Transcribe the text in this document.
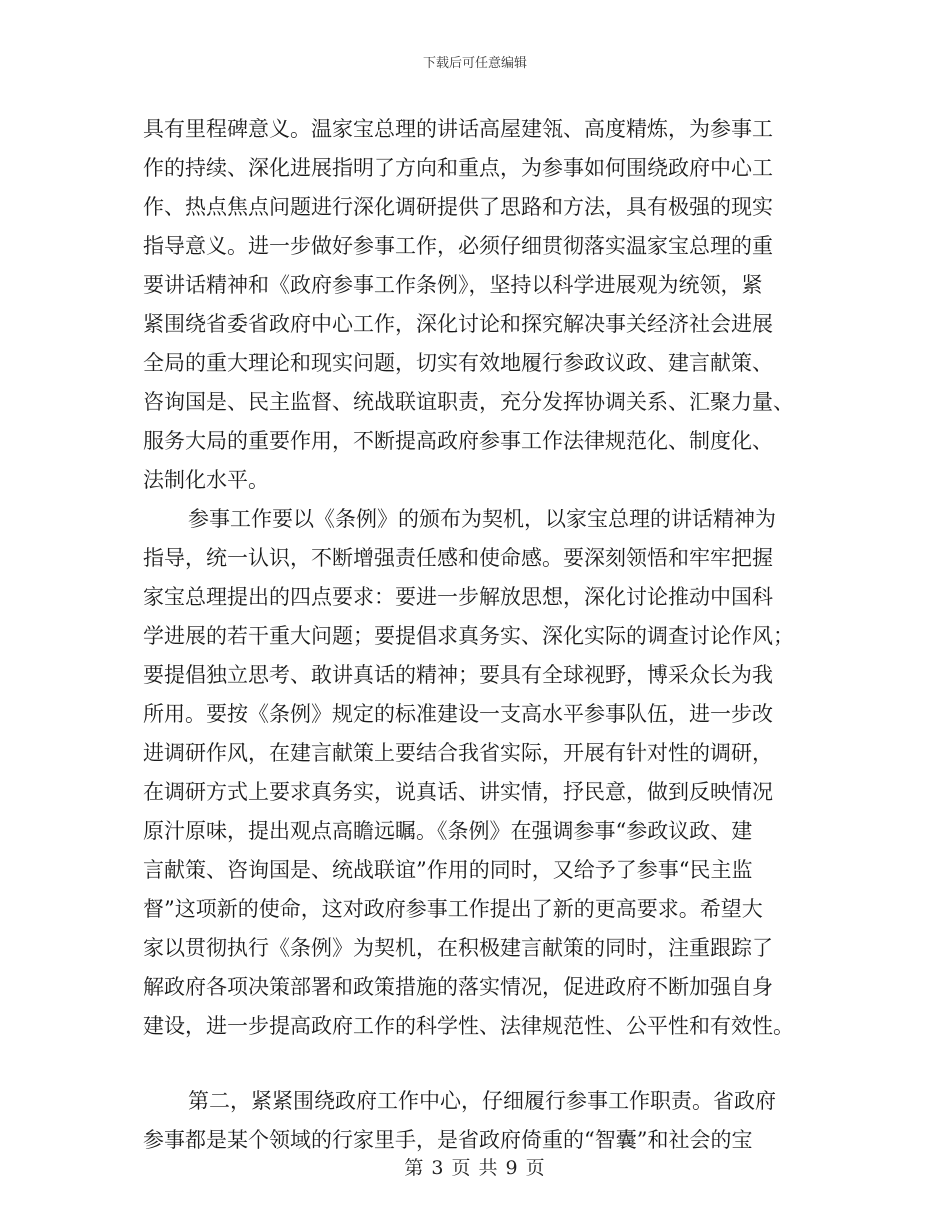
下载后可任意编辑
具有里程碑意义。温家宝总理的讲话高屋建瓴、高度精炼，为参事工
作的持续、深化进展指明了方向和重点，为参事如何围绕政府中心工
作、热点焦点问题进行深化调研提供了思路和方法，具有极强的现实
指导意义。进一步做好参事工作，必须仔细贯彻落实温家宝总理的重
要讲话精神和《政府参事工作条例》，坚持以科学进展观为统领，紧
紧围绕省委省政府中心工作，深化讨论和探究解决事关经济社会进展
全局的重大理论和现实问题，切实有效地履行参政议政、建言献策、
咨询国是、民主监督、统战联谊职责，充分发挥协调关系、汇聚力量、
服务大局的重要作用，不断提高政府参事工作法律规范化、制度化、
法制化水平。
参事工作要以《条例》的颁布为契机，以家宝总理的讲话精神为
指导，统一认识，不断增强责任感和使命感。要深刻领悟和牢牢把握
家宝总理提出的四点要求：要进一步解放思想，深化讨论推动中国科
学进展的若干重大问题；要提倡求真务实、深化实际的调查讨论作风；
要提倡独立思考、敢讲真话的精神；要具有全球视野，博采众长为我
所用。要按《条例》规定的标准建设一支高水平参事队伍，进一步改
进调研作风，在建言献策上要结合我省实际，开展有针对性的调研，
在调研方式上要求真务实，说真话、讲实情，抒民意，做到反映情况
原汁原味，提出观点高瞻远瞩。《条例》在强调参事“参政议政、建
言献策、咨询国是、统战联谊”作用的同时，又给予了参事“民主监
督”这项新的使命，这对政府参事工作提出了新的更高要求。希望大
家以贯彻执行《条例》为契机，在积极建言献策的同时，注重跟踪了
解政府各项决策部署和政策措施的落实情况，促进政府不断加强自身
建设，进一步提高政府工作的科学性、法律规范性、公平性和有效性。
第二，紧紧围绕政府工作中心，仔细履行参事工作职责。省政府
参事都是某个领域的行家里手，是省政府倚重的“智囊”和社会的宝
第 3 页 共 9 页
